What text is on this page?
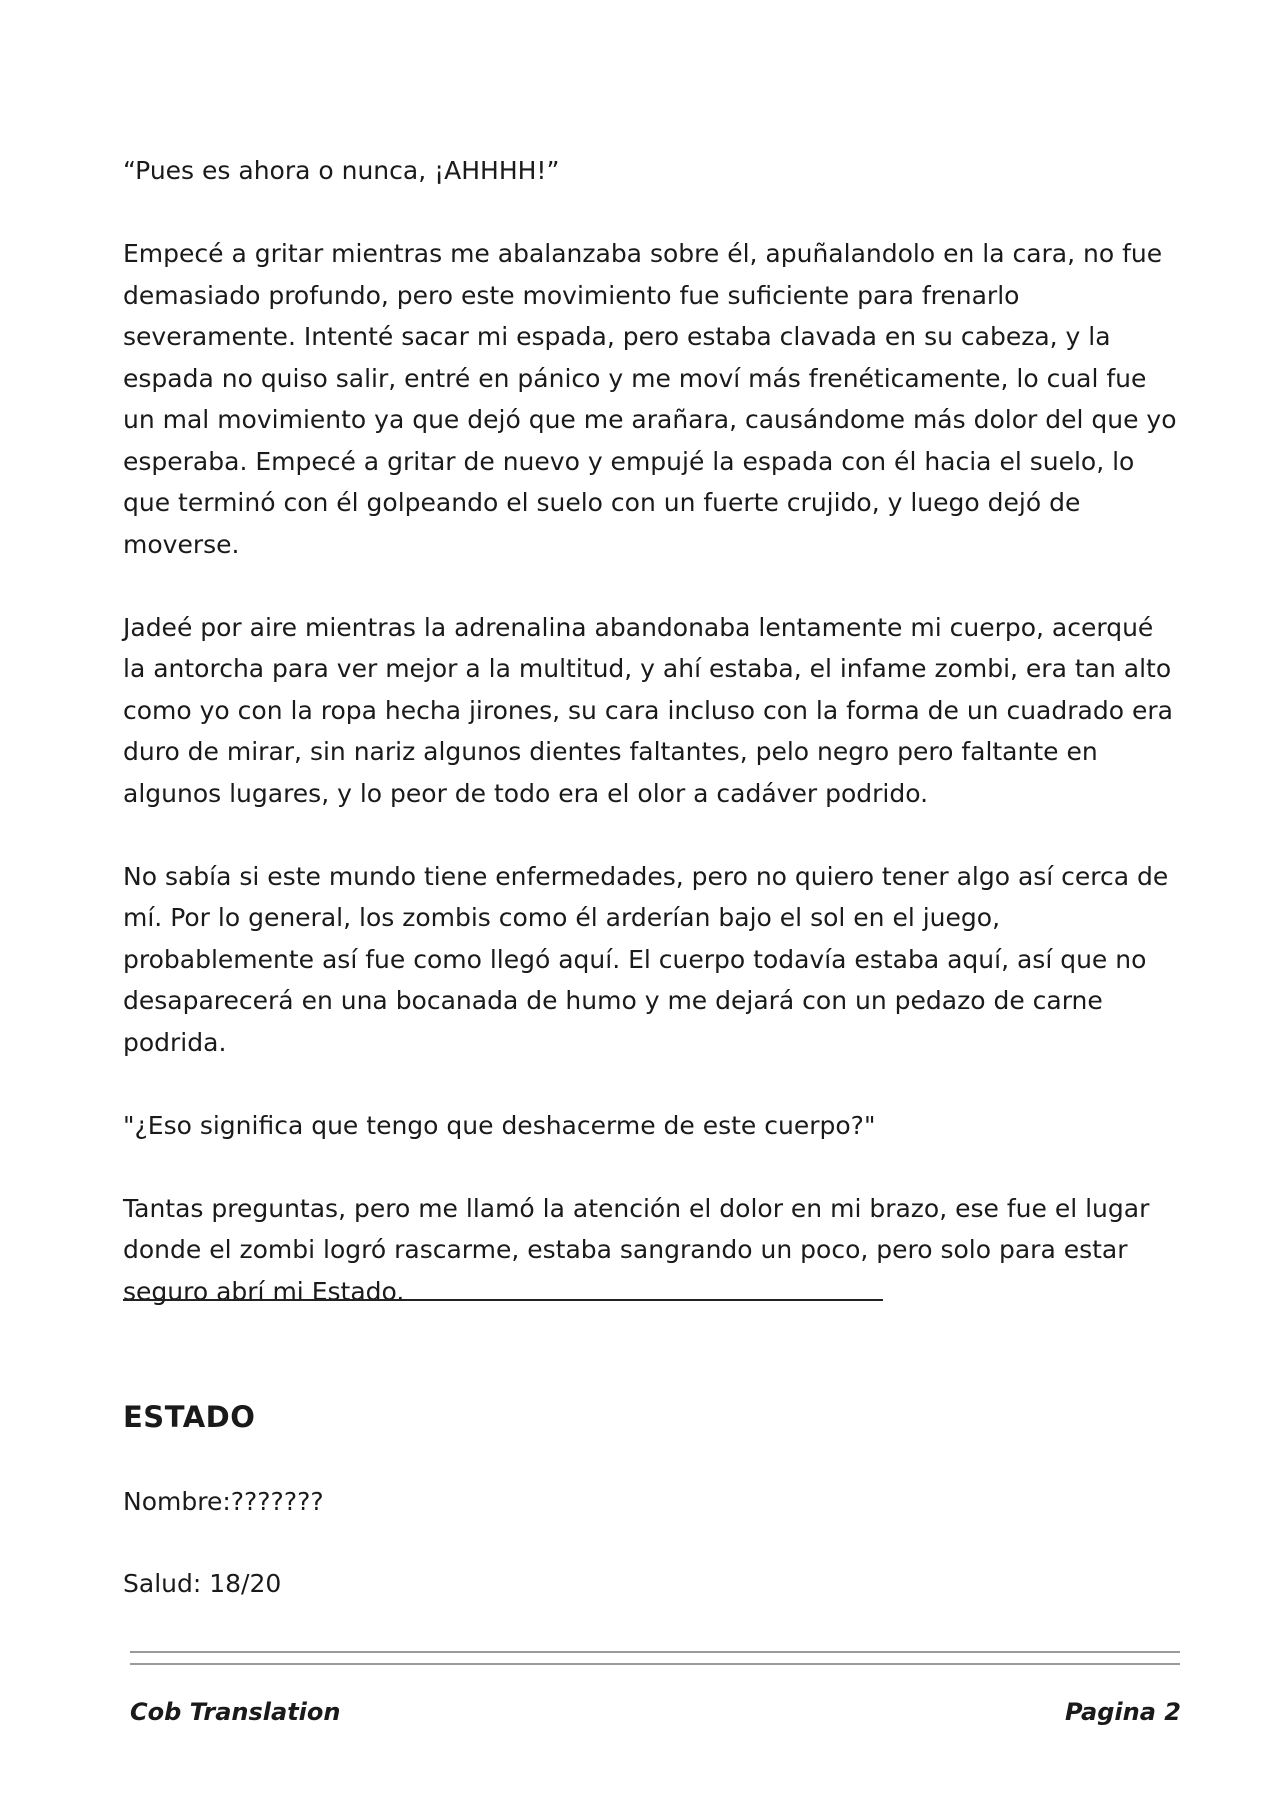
“Pues es ahora o nunca, ¡AHHHH!”

Empecé a gritar mientras me abalanzaba sobre él, apuñalandolo en la cara, no fue demasiado profundo, pero este movimiento fue suficiente para frenarlo severamente. Intenté sacar mi espada, pero estaba clavada en su cabeza, y la espada no quiso salir, entré en pánico y me moví más frenéticamente, lo cual fue un mal movimiento ya que dejó que me arañara, causándome más dolor del que yo esperaba. Empecé a gritar de nuevo y empujé la espada con él hacia el suelo, lo que terminó con él golpeando el suelo con un fuerte crujido, y luego dejó de moverse.

Jadeé por aire mientras la adrenalina abandonaba lentamente mi cuerpo, acerqué la antorcha para ver mejor a la multitud, y ahí estaba, el infame zombi, era tan alto como yo con la ropa hecha jirones, su cara incluso con la forma de un cuadrado era duro de mirar, sin nariz algunos dientes faltantes, pelo negro pero faltante en algunos lugares, y lo peor de todo era el olor a cadáver podrido.

No sabía si este mundo tiene enfermedades, pero no quiero tener algo así cerca de mí. Por lo general, los zombis como él arderían bajo el sol en el juego, probablemente así fue como llegó aquí. El cuerpo todavía estaba aquí, así que no desaparecerá en una bocanada de humo y me dejará con un pedazo de carne podrida.

"¿Eso significa que tengo que deshacerme de este cuerpo?"

Tantas preguntas, pero me llamó la atención el dolor en mi brazo, ese fue el lugar donde el zombi logró rascarme, estaba sangrando un poco, pero solo para estar seguro abrí mi Estado.

ESTADO
Nombre:???????
Salud: 18/20
Cob Translation	Pagina 2
